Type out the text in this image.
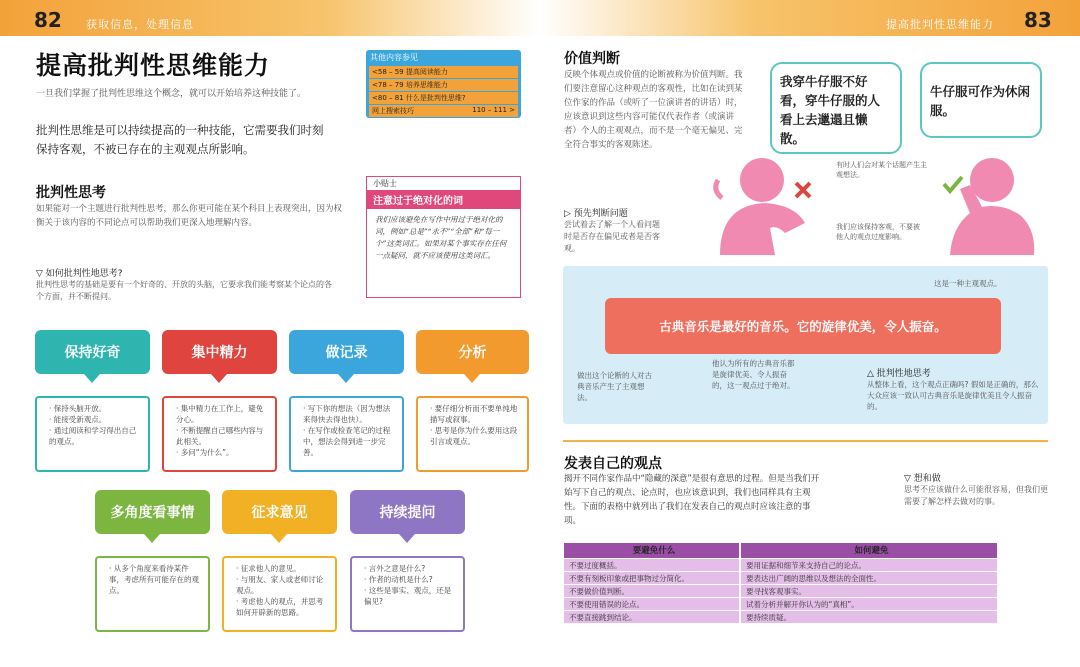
82 获取信息，处理信息	提高批判性思维能力 83
提高批判性思维能力
一旦我们掌握了批判性思维这个概念，就可以开始培养这种技能了。
批判性思维是可以持续提高的一种技能，它需要我们时刻保持客观，不被已存在的主观观点所影响。
其他内容参见
<58 – 59 提高阅读能力
<78 – 79 培养思维能力
<80 – 81 什么是批判性思维?
网上搜索技巧	110 – 111 >
小贴士
注意过于绝对化的词
我们应该避免在写作中用过于绝对化的词，例如“总是”“永不”“全部”和“每一个”这类词汇。如果对某个事实存在任何一点疑问，就不应该使用这类词汇。
批判性思考
如果能对一个主题进行批判性思考，那么你更可能在某个科目上表现突出，因为权衡关于该内容的不同论点可以帮助我们更深入地理解内容。
▽ 如何批判性地思考?
批判性思考的基础是要有一个好奇的、开放的头脑，它要求我们能考察某个论点的各个方面，并不断提问。
保持好奇
· 保持头脑开放。
· 能接受新观点。
· 通过阅读和学习得出自己的观点。
集中精力
· 集中精力在工作上，避免分心。
· 不断提醒自己哪些内容与此相关。
· 多问“为什么”。
做记录
· 写下你的想法（因为想法来得快去得也快）。
· 在写作或检查笔记的过程中，想法会得到进一步完善。
分析
· 要仔细分析而不要单纯地描写或叙事。
· 思考是你为什么要用这段引言或观点。
多角度看事情
· 从多个角度来看待某件事，考虑所有可能存在的观点。
征求意见
· 征求他人的意见。
· 与朋友、家人或老师讨论观点。
· 考虑他人的观点，并思考如何开辟新的思路。
持续提问
· 言外之意是什么?
· 作者的动机是什么?
· 这些是事实、观点，还是偏见?
价值判断
反映个体观点或价值的论断被称为价值判断。我们要注意留心这种观点的客观性，比如在读到某位作家的作品（或听了一位演讲者的讲话）时，应该意识到这些内容可能仅代表作者（或演讲者）个人的主观观点，而不是一个毫无偏见、完全符合事实的客观陈述。
▷ 预先判断问题
尝试着去了解一个人看问题时是否存在偏见或者是否客观。
我穿牛仔服不好看，穿牛仔服的人看上去邋遢且懒散。
牛仔服可作为休闲服。
有时人们会对某个话题产生主观想法。
我们应该保持客观，不要被他人的观点过度影响。
这是一种主观观点。
古典音乐是最好的音乐。它的旋律优美，令人振奋。
做出这个论断的人对古典音乐产生了主观想法。
他认为所有的古典音乐都是旋律优美、令人振奋的，这一观点过于绝对。
△ 批判性地思考
从整体上看，这个观点正确吗? 假如是正确的，那么大众应该一致认可古典音乐是旋律优美且令人振奋的。
发表自己的观点
揭开不同作家作品中“隐藏的深意”是很有意思的过程。但是当我们开始写下自己的观点、论点时，也应该意识到，我们也同样具有主观性。下面的表格中就列出了我们在发表自己的观点时应该注意的事项。
▽ 想和做
思考不应该做什么可能很容易，但我们更需要了解怎样去做对的事。
要避免什么	如何避免
不要过度概括。	要用证据和细节来支持自己的论点。
不要有刻板印象或把事物过分简化。	要表达出广阔的思维以及想法的全面性。
不要做价值判断。	要寻找客观事实。
不要使用错误的论点。	试着分析并解开你认为的“真相”。
不要直接跳到结论。	要持续质疑。
